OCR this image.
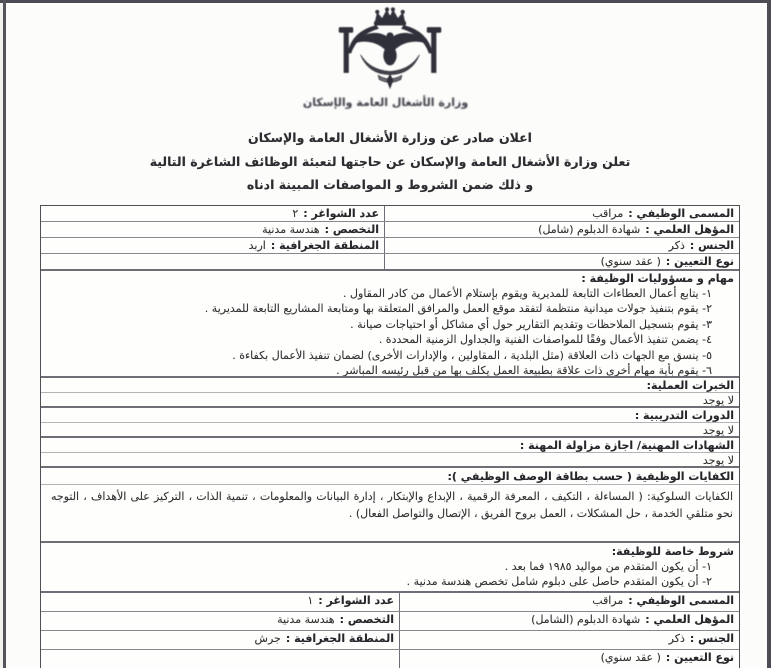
وزارة الأشغال العامة والإسكان
اعلان صادر عن وزارة الأشغال العامة والإسكان
تعلن وزارة الأشغال العامة والإسكان عن حاجتها لتعبئة الوظائف الشاغرة التالية
و ذلك ضمن الشروط و المواصفات المبينة ادناه
المسمى الوظيفي :مراقب
عدد الشواغر :٢
المؤهل العلمي :شهادة الدبلوم (شامل)
التخصص :هندسة مدنية
الجنس :ذكر
المنطقة الجغرافية :اربد
نوع التعيين :( عقد سنوي)
مهام و مسؤوليات الوظيفة :
١- يتابع أعمال العطاءات التابعة للمديرية ويقوم بإستلام الأعمال من كادر المقاول .
٢- يقوم بتنفيذ جولات ميدانية منتظمة لتفقد موقع العمل والمرافق المتعلقة بها ومتابعة المشاريع التابعة للمديرية .
٣- يقوم بتسجيل الملاحظات وتقديم التقارير حول أي مشاكل أو احتياجات صيانة .
٤- يضمن تنفيذ الأعمال وفقًا للمواصفات الفنية والجداول الزمنية المحددة .
٥- ينسق مع الجهات ذات العلاقة (مثل البلدية ، المقاولين ، والإدارات الأخرى) لضمان تنفيذ الأعمال بكفاءة .
٦- يقوم بأية مهام أخرى ذات علاقة بطبيعة العمل يكلف بها من قبل رئيسه المباشر .
الخبرات العملية:
لا يوجد
الدورات التدريبية :
لا يوجد
الشهادات المهنية/ اجازة مزاولة المهنة :
لا يوجد
الكفايات الوظيفية ( حسب بطاقة الوصف الوظيفي ):
الكفايات السلوكية: ( المساءلة ، التكيف ، المعرفة الرقمية ، الإبداع والإبتكار ، إدارة البيانات والمعلومات ، تنمية الذات ، التركيز على الأهداف ، التوجه نحو متلقي الخدمة ، حل المشكلات ، العمل بروح الفريق ، الإتصال والتواصل الفعال) .
شروط خاصة للوظيفة:
١- أن يكون المتقدم من مواليد ١٩٨٥ فما بعد .
٢- أن يكون المتقدم حاصل على دبلوم شامل تخصص هندسة مدنية .
المسمى الوظيفي :مراقب
عدد الشواغر :١
المؤهل العلمي :شهادة الدبلوم (الشامل)
التخصص :هندسة مدنية
الجنس :ذكر
المنطقة الجغرافية :جرش
نوع التعيين :( عقد سنوي)
